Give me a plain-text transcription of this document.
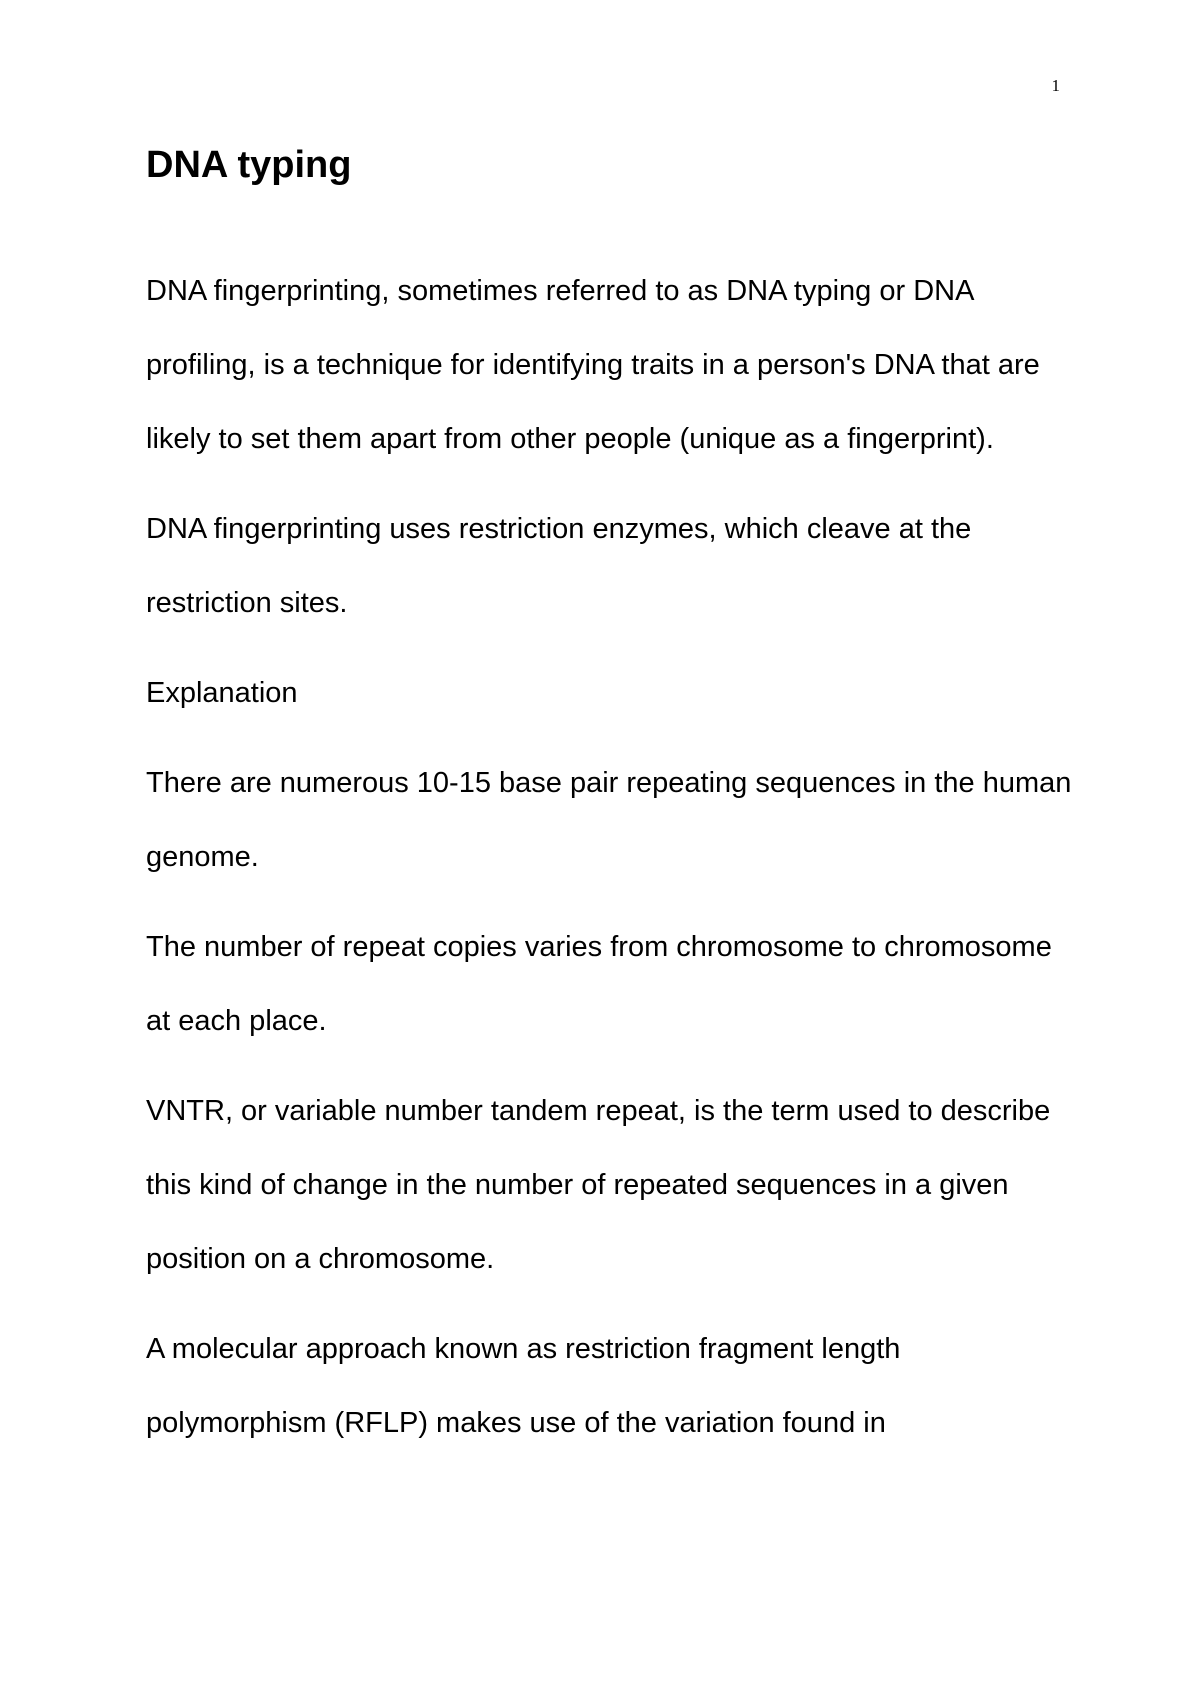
1
DNA typing

DNA fingerprinting, sometimes referred to as DNA typing or DNA profiling, is a technique for identifying traits in a person's DNA that are likely to set them apart from other people (unique as a fingerprint).

DNA fingerprinting uses restriction enzymes, which cleave at the restriction sites.

Explanation

There are numerous 10-15 base pair repeating sequences in the human genome.

The number of repeat copies varies from chromosome to chromosome at each place.

VNTR, or variable number tandem repeat, is the term used to describe this kind of change in the number of repeated sequences in a given position on a chromosome.

A molecular approach known as restriction fragment length polymorphism (RFLP) makes use of the variation found in
